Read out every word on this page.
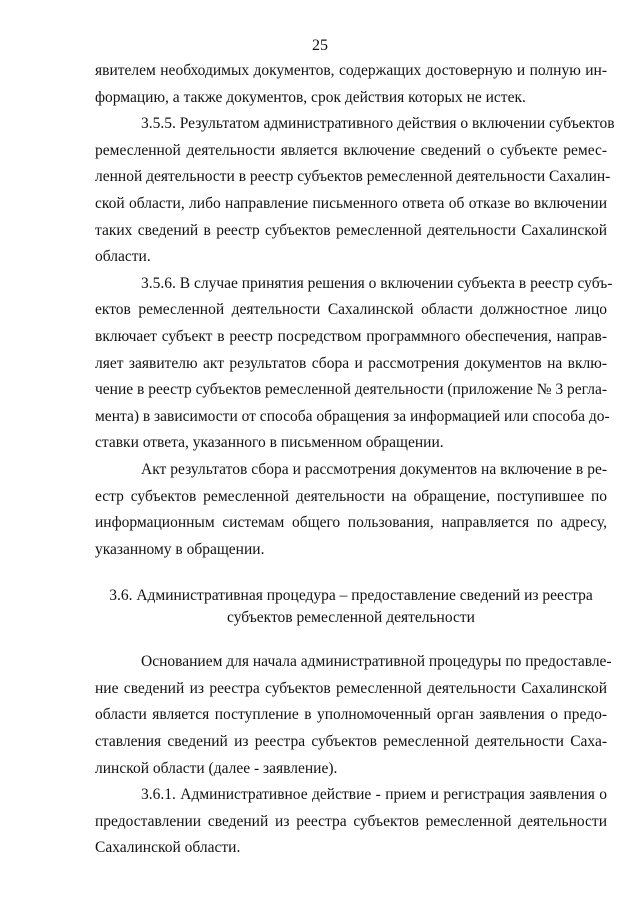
25
явителем необходимых документов, содержащих достоверную и полную ин-
формацию, а также документов, срок действия которых не истек.
3.5.5. Результатом административного действия о включении субъектов
ремесленной деятельности является включение сведений о субъекте ремес-
ленной деятельности в реестр субъектов ремесленной деятельности Сахалин-
ской области, либо направление письменного ответа об отказе во включении
таких сведений в реестр субъектов ремесленной деятельности Сахалинской
области.
3.5.6. В случае принятия решения о включении субъекта в реестр субъ-
ектов ремесленной деятельности Сахалинской области должностное лицо
включает субъект в реестр посредством программного обеспечения, направ-
ляет заявителю акт результатов сбора и рассмотрения документов на вклю-
чение в реестр субъектов ремесленной деятельности (приложение № 3 регла-
мента) в зависимости от способа обращения за информацией или способа до-
ставки ответа, указанного в письменном обращении.
Акт результатов сбора и рассмотрения документов на включение в ре-
естр субъектов ремесленной деятельности на обращение, поступившее по
информационным системам общего пользования, направляется по адресу,
указанному в обращении.
3.6. Административная процедура – предоставление сведений из реестра
субъектов ремесленной деятельности
Основанием для начала административной процедуры по предоставле-
ние сведений из реестра субъектов ремесленной деятельности Сахалинской
области является поступление в уполномоченный орган заявления о предо-
ставления сведений из реестра субъектов ремесленной деятельности Саха-
линской области (далее - заявление).
3.6.1. Административное действие - прием и регистрация заявления о
предоставлении сведений из реестра субъектов ремесленной деятельности
Сахалинской области.
